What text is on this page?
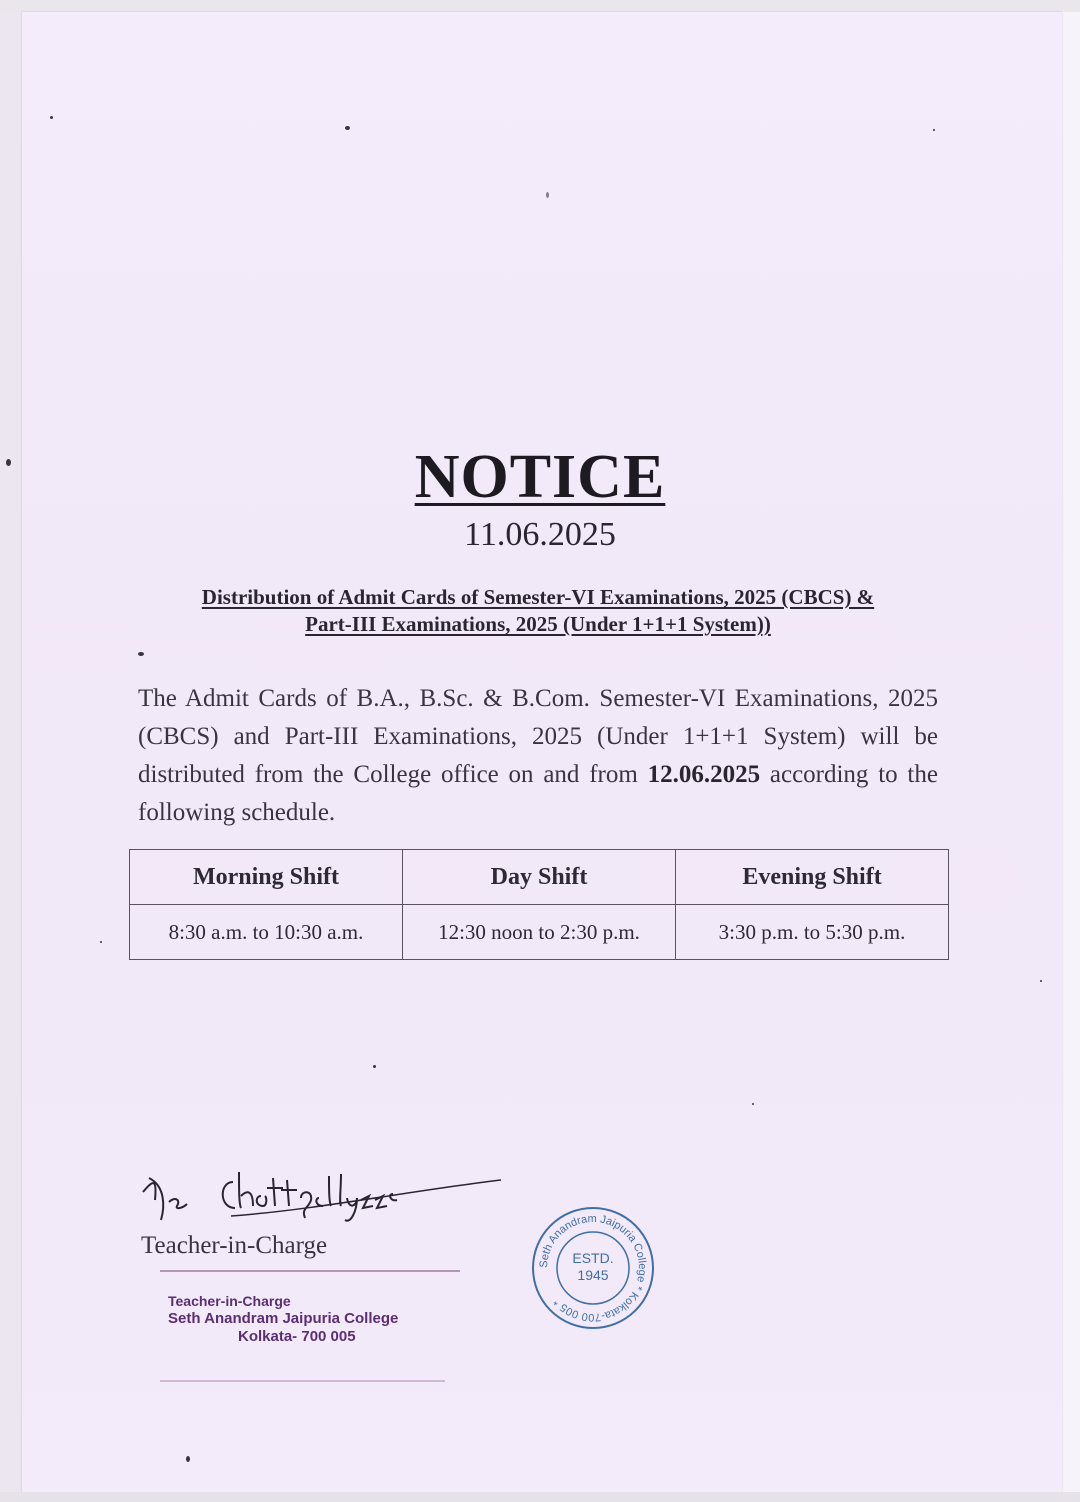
NOTICE
11.06.2025
Distribution of Admit Cards of Semester-VI Examinations, 2025 (CBCS) &
Part-III Examinations, 2025 (Under 1+1+1 System))
The Admit Cards of B.A., B.Sc. & B.Com. Semester-VI Examinations, 2025 (CBCS) and Part-III Examinations, 2025 (Under 1+1+1 System) will be distributed from the College office on and from 12.06.2025 according to the following schedule.
Morning Shift	Day Shift	Evening Shift
8:30 a.m. to 10:30 a.m.	12:30 noon to 2:30 p.m.	3:30 p.m. to 5:30 p.m.
Teacher-in-Charge
Teacher-in-Charge
Seth Anandram Jaipuria College
Kolkata- 700 005
Seth Anandram Jaipuria College * Kolkata-700 005 *
ESTD.
1945
